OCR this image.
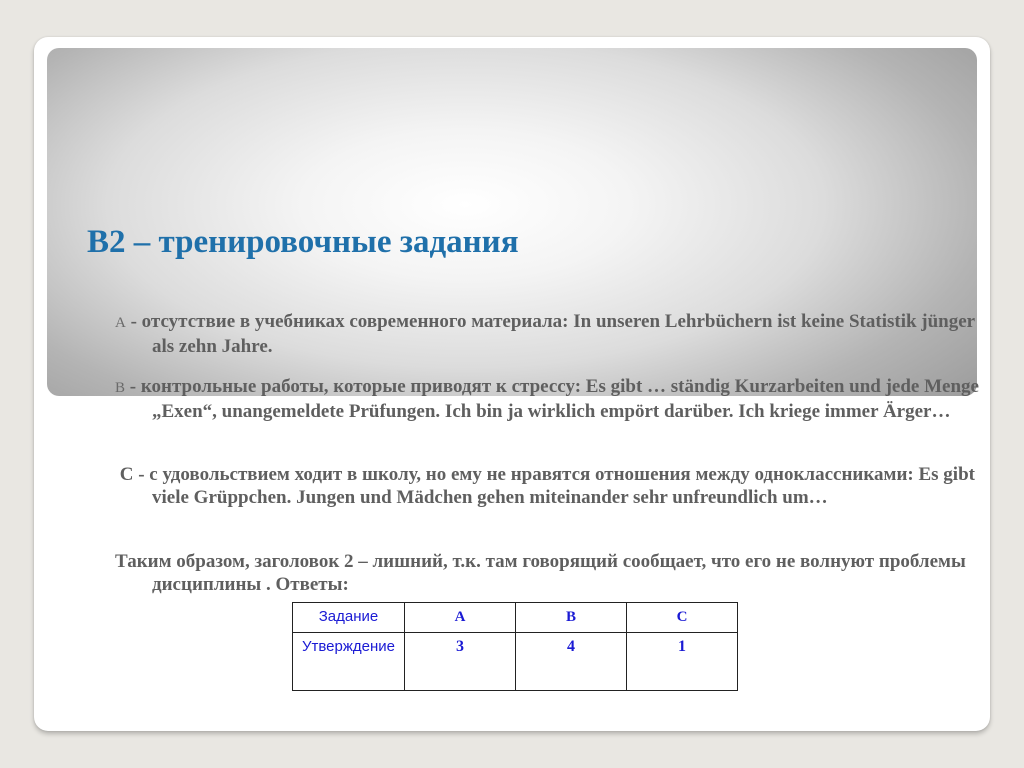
B2 – тренировочные задания

A - отсутствие в учебниках современного материала: In unseren Lehrbüchern ist keine Statistik jünger als zehn Jahre.

B - контрольные работы, которые приводят к стрессу: Es gibt … ständig Kurzarbeiten und jede Menge „Exen“, unangemeldete Prüfungen. Ich bin ja wirklich empört darüber. Ich kriege immer Ärger…

C - с удовольствием ходит в школу, но ему не нравятся отношения между одноклассниками: Es gibt viele Grüppchen. Jungen und Mädchen gehen miteinander sehr unfreundlich um…

Таким образом, заголовок 2 – лишний, т.к. там говорящий сообщает, что его не волнуют проблемы дисциплины . Ответы:

Задание	A	B	C

Утверждение	3	4	1
